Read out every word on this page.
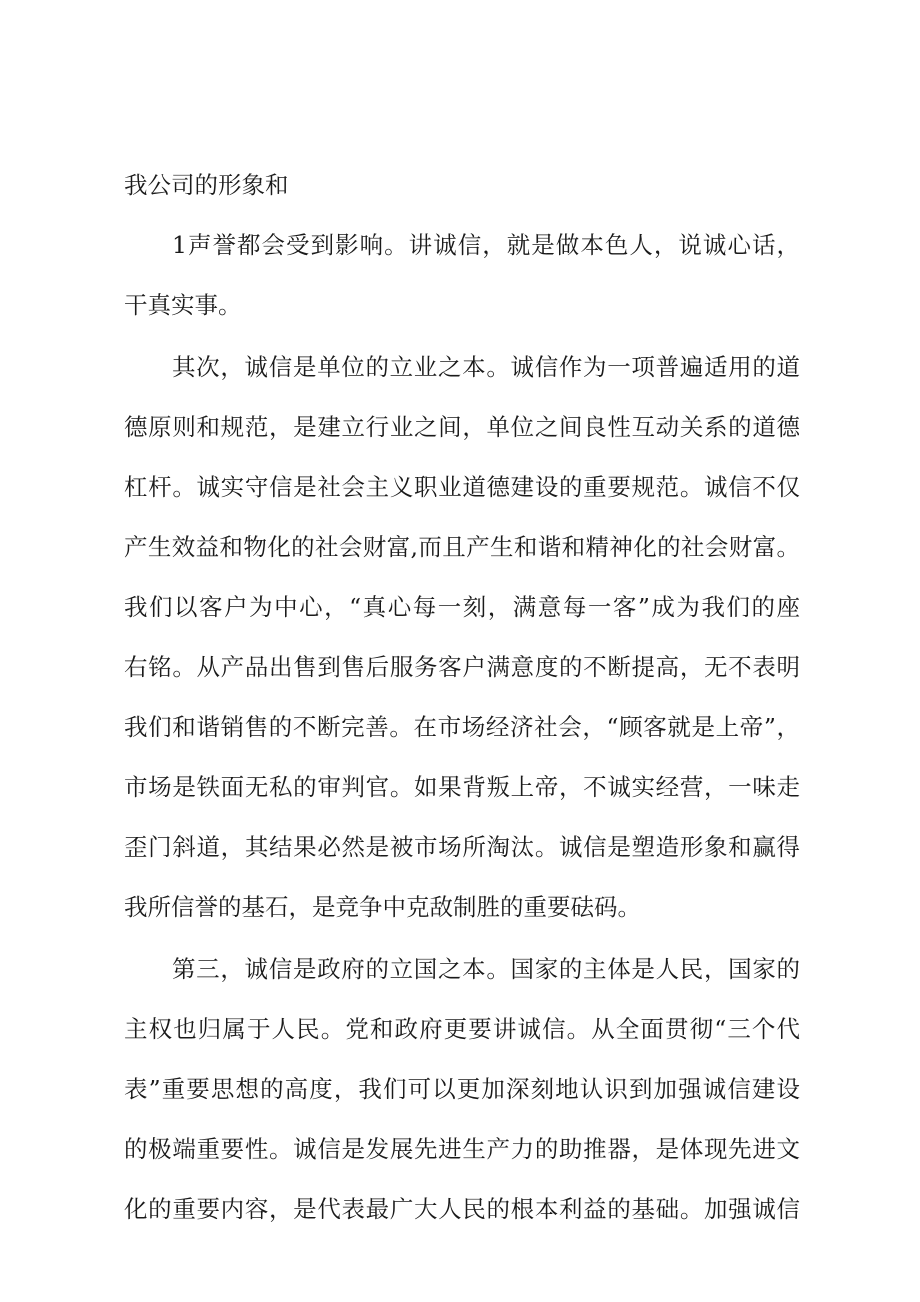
我公司的形象和
1声誉都会受到影响。讲诚信，就是做本色人，说诚心话，
干真实事。
其次，诚信是单位的立业之本。诚信作为一项普遍适用的道
德原则和规范，是建立行业之间，单位之间良性互动关系的道德
杠杆。诚实守信是社会主义职业道德建设的重要规范。诚信不仅
产生效益和物化的社会财富,而且产生和谐和精神化的社会财富。
我们以客户为中心，“真心每一刻，满意每一客”成为我们的座
右铭。从产品出售到售后服务客户满意度的不断提高，无不表明
我们和谐销售的不断完善。在市场经济社会，“顾客就是上帝”，
市场是铁面无私的审判官。如果背叛上帝，不诚实经营，一味走
歪门斜道，其结果必然是被市场所淘汰。诚信是塑造形象和赢得
我所信誉的基石，是竞争中克敌制胜的重要砝码。
第三，诚信是政府的立国之本。国家的主体是人民，国家的
主权也归属于人民。党和政府更要讲诚信。从全面贯彻“三个代
表”重要思想的高度，我们可以更加深刻地认识到加强诚信建设
的极端重要性。诚信是发展先进生产力的助推器，是体现先进文
化的重要内容，是代表最广大人民的根本利益的基础。加强诚信
